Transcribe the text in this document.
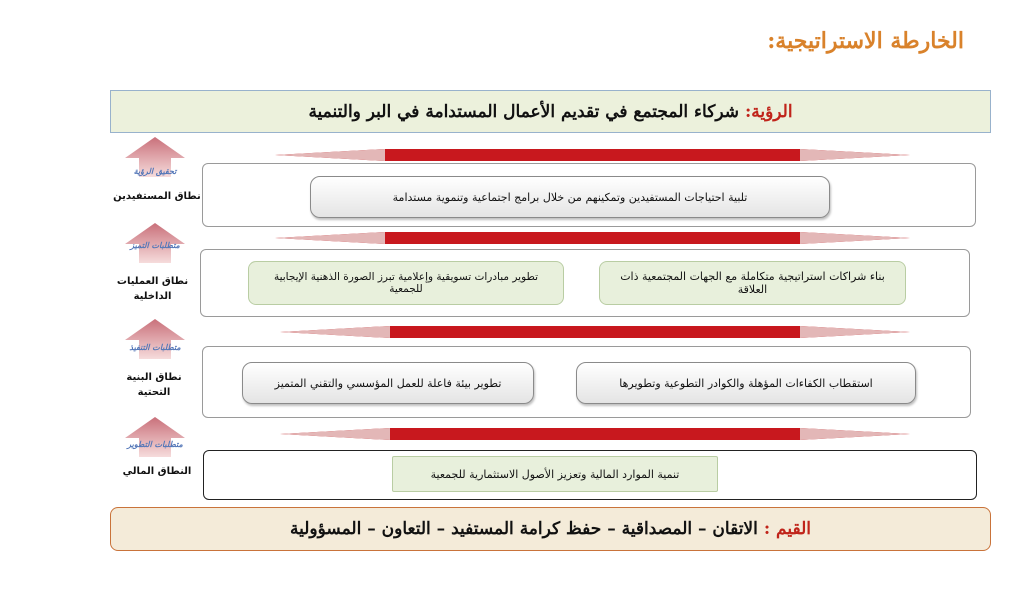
الخارطة الاستراتيجية:
الرؤية:
شركاء المجتمع في تقديم الأعمال المستدامة في البر والتنمية
تلبية احتياجات المستفيدين وتمكينهم من خلال برامج اجتماعية وتنموية مستدامة
بناء شراكات استراتيجية متكاملة مع الجهات المجتمعية ذات العلاقة
تطوير مبادرات تسويقية وإعلامية تبرز الصورة الذهنية الإيجابية للجمعية
استقطاب الكفاءات المؤهلة والكوادر التطوعية وتطويرها
تطوير بيئة فاعلة للعمل المؤسسي والتقني المتميز
تنمية الموارد المالية وتعزيز الأصول الاستثمارية للجمعية
نطاق المستفيدين
نطاق العمليات الداخلية
نطاق البنية التحتية
النطاق المالي
تحقيق الرؤية
متطلبات التميز
متطلبات التنفيذ
متطلبات التطوير
القيم :
الاتقان – المصداقية – حفظ كرامة المستفيد – التعاون – المسؤولية
